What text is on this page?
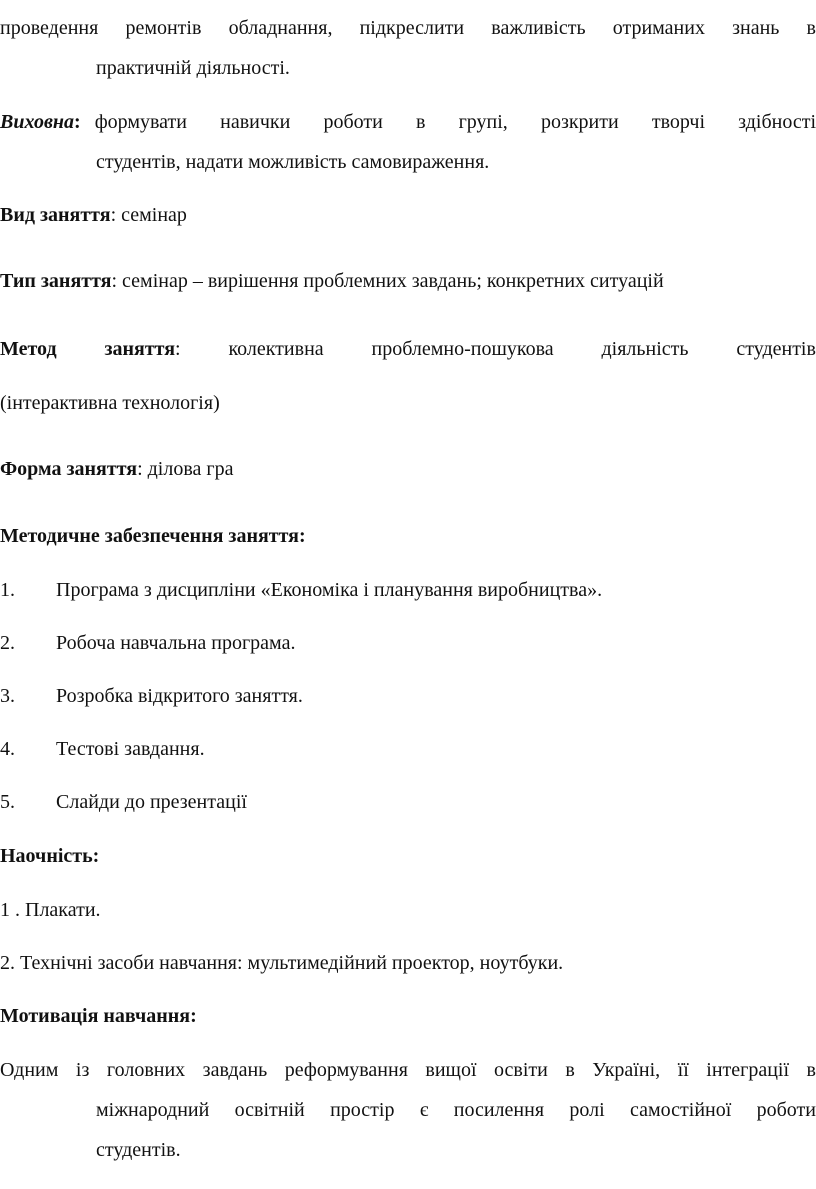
проведення ремонтів обладнання, підкреслити важливість отриманих знань в
практичній діяльності.
Виховна: формувати навички роботи в групі, розкрити творчі здібності
студентів, надати можливість самовираження.
Вид заняття: семінар
Тип заняття: семінар – вирішення проблемних завдань; конкретних ситуацій
Метод заняття: колективна проблемно-пошукова діяльність студентів
(інтерактивна технологія)
Форма заняття: ділова гра
Методичне забезпечення заняття:
1. Програма з дисципліни «Економіка і планування виробництва».
2. Робоча навчальна програма.
3. Розробка відкритого заняття.
4. Тестові завдання.
5. Слайди до презентації
Наочність:
1 . Плакати.
2. Технічні засоби навчання: мультимедійний проектор, ноутбуки.
Мотивація навчання:
Одним із головних завдань реформування вищої освіти в Україні, її інтеграції в
міжнародний освітній простір є посилення ролі самостійної роботи
студентів.
